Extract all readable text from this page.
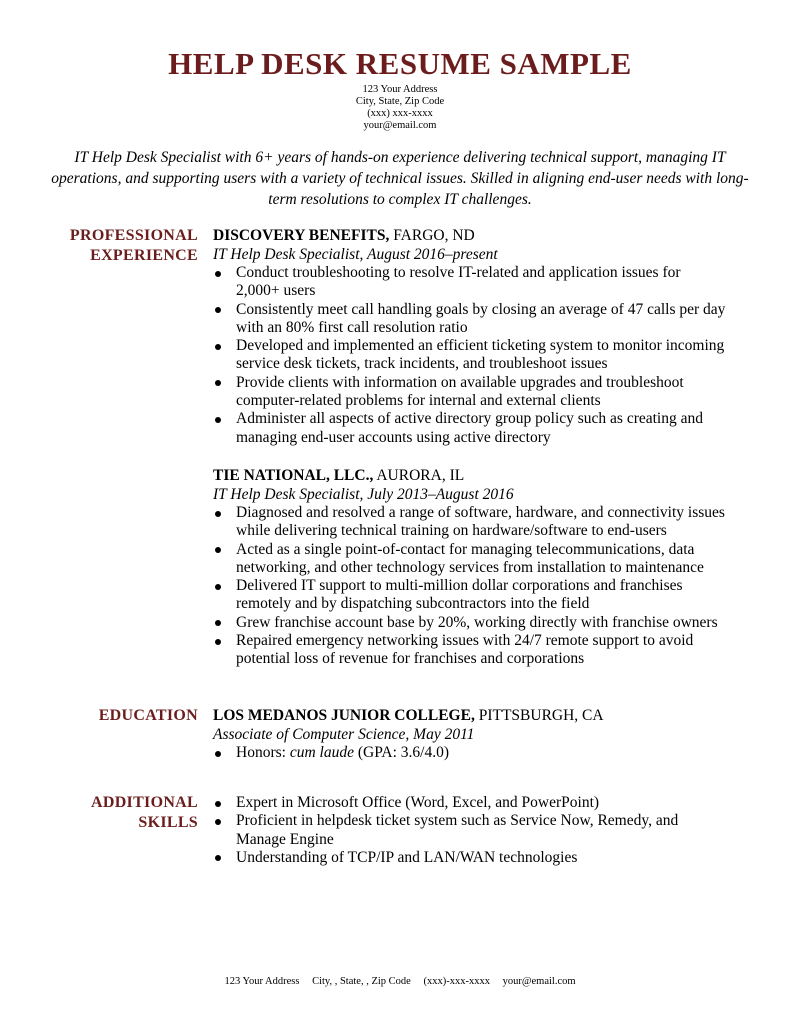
HELP DESK RESUME SAMPLE
123 Your Address
City, State, Zip Code
(xxx) xxx-xxxx
your@email.com
IT Help Desk Specialist with 6+ years of hands-on experience delivering technical support, managing IT operations, and supporting users with a variety of technical issues. Skilled in aligning end-user needs with long-term resolutions to complex IT challenges.
PROFESSIONAL
EXPERIENCE
DISCOVERY BENEFITS, FARGO, ND
IT Help Desk Specialist, August 2016–present
Conduct troubleshooting to resolve IT-related and application issues for
2,000+ users
Consistently meet call handling goals by closing an average of 47 calls per day
with an 80% first call resolution ratio
Developed and implemented an efficient ticketing system to monitor incoming
service desk tickets, track incidents, and troubleshoot issues
Provide clients with information on available upgrades and troubleshoot
computer-related problems for internal and external clients
Administer all aspects of active directory group policy such as creating and
managing end-user accounts using active directory
TIE NATIONAL, LLC., AURORA, IL
IT Help Desk Specialist, July 2013–August 2016
Diagnosed and resolved a range of software, hardware, and connectivity issues
while delivering technical training on hardware/software to end-users
Acted as a single point-of-contact for managing telecommunications, data
networking, and other technology services from installation to maintenance
Delivered IT support to multi-million dollar corporations and franchises
remotely and by dispatching subcontractors into the field
Grew franchise account base by 20%, working directly with franchise owners
Repaired emergency networking issues with 24/7 remote support to avoid
potential loss of revenue for franchises and corporations
EDUCATION LOS MEDANOS JUNIOR COLLEGE, PITTSBURGH, CA
Associate of Computer Science, May 2011
Honors: cum laude (GPA: 3.6/4.0)
ADDITIONAL
SKILLS
Expert in Microsoft Office (Word, Excel, and PowerPoint)
Proficient in helpdesk ticket system such as Service Now, Remedy, and
Manage Engine
Understanding of TCP/IP and LAN/WAN technologies
123 Your Address City, , State, , Zip Code (xxx)-xxx-xxxx your@email.com
